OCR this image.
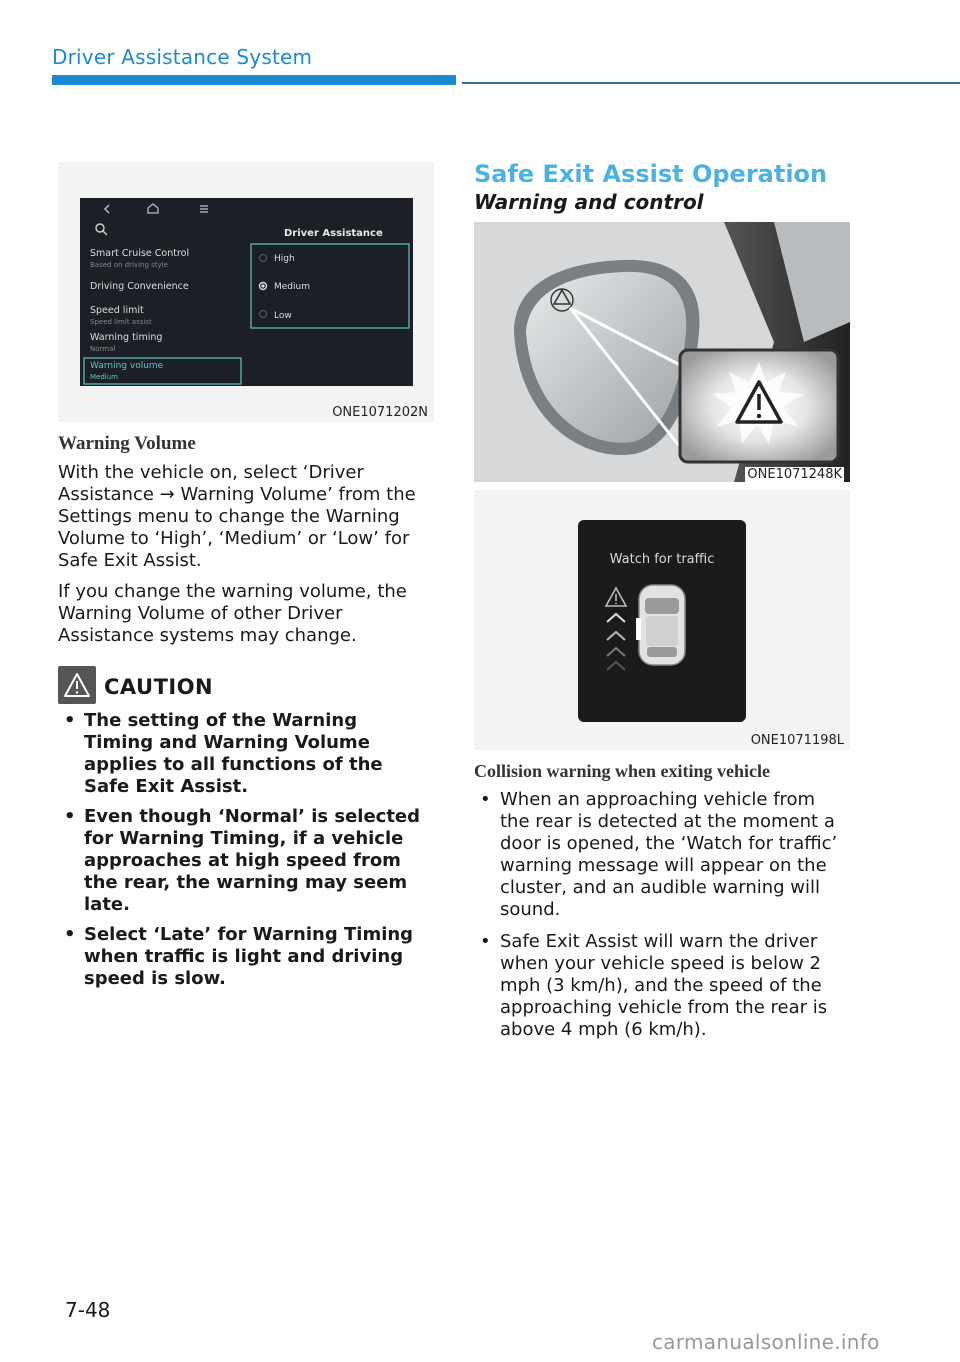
Driver Assistance System
Driver Assistance
Smart Cruise Control
Based on driving style
Driving Convenience
Speed limit
Speed limit assist
Warning timing
Normal
Warning volume
Medium
High
Medium
Low
ONE1071202N
Warning Volume

With the vehicle on, select ‘Driver Assistance → Warning Volume’ from the Settings menu to change the Warning Volume to ‘High’, ‘Medium’ or ‘Low’ for Safe Exit Assist.

If you change the warning volume, the Warning Volume of other Driver Assistance systems may change.

CAUTION
• The setting of the Warning Timing and Warning Volume applies to all functions of the Safe Exit Assist.
• Even though ‘Normal’ is selected for Warning Timing, if a vehicle approaches at high speed from the rear, the warning may seem late.
• Select ‘Late’ for Warning Timing when traffic is light and driving speed is slow.
Safe Exit Assist Operation
Warning and control
ONE1071248K
Watch for traffic
ONE1071198L
Collision warning when exiting vehicle
• When an approaching vehicle from the rear is detected at the moment a door is opened, the ‘Watch for traffic’ warning message will appear on the cluster, and an audible warning will sound.
• Safe Exit Assist will warn the driver when your vehicle speed is below 2 mph (3 km/h), and the speed of the approaching vehicle from the rear is above 4 mph (6 km/h).
7-48
carmanualsonline.info
